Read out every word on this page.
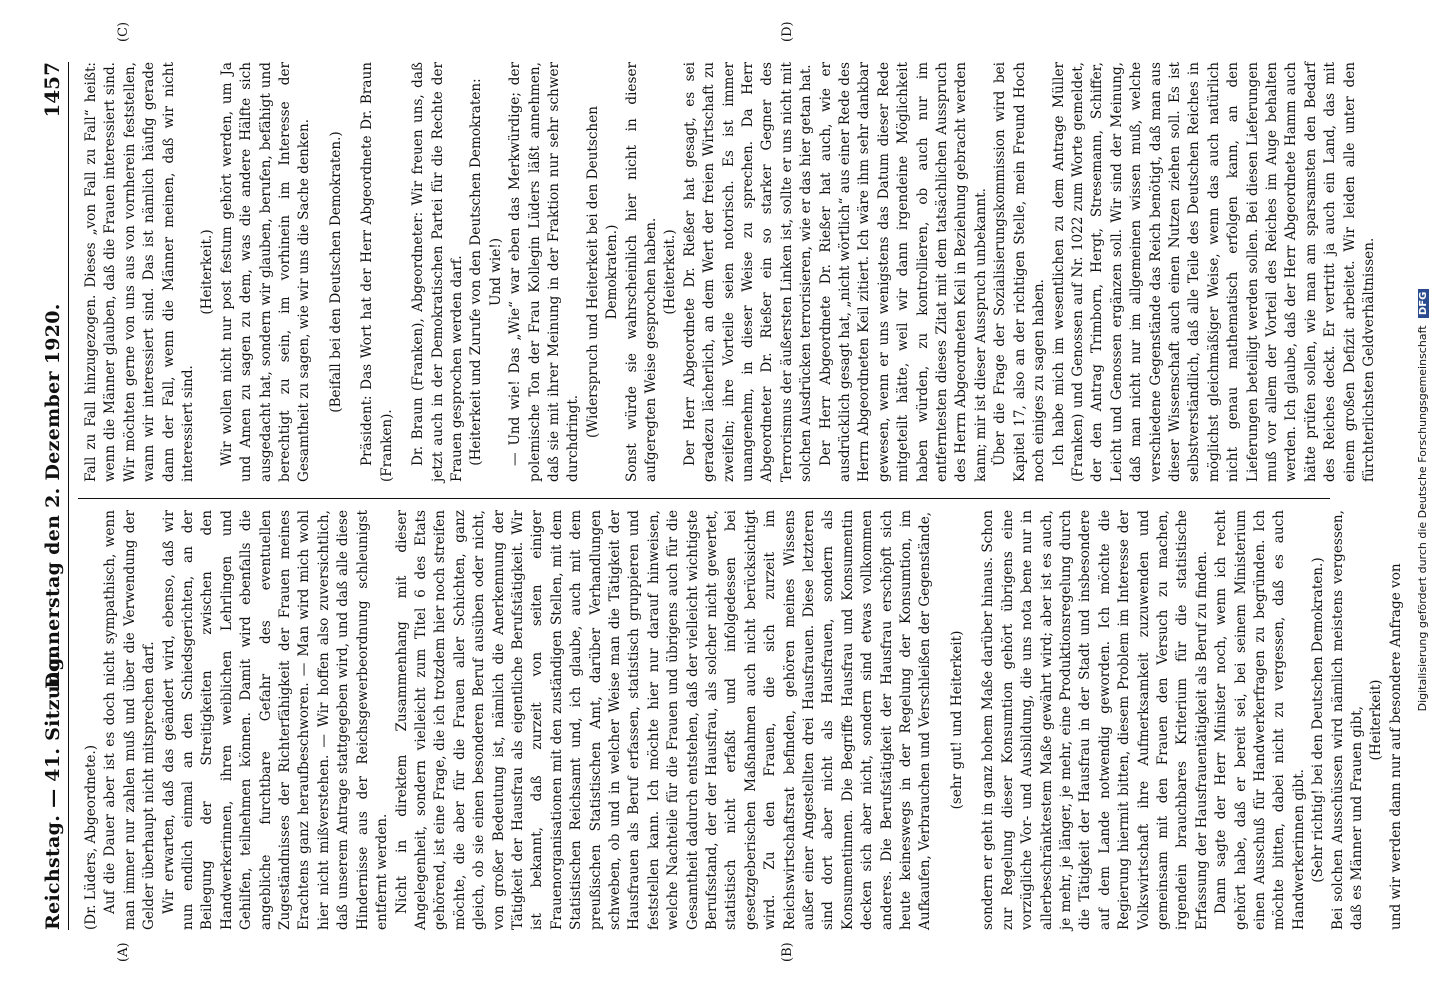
Reichstag. — 41. Sitzung.
Donnerstag den 2. Dezember 1920.
1457
(A)	(B)
(C)	(D)

(Dr. Lüders, Abgeordnete.) Auf die Dauer aber ist es doch nicht sympathisch, wenn man immer nur zahlen muß und über die Verwendung der Gelder überhaupt nicht mitsprechen darf. Wir erwarten, daß das geändert wird, ebenso, daß wir nun endlich einmal an den Schiedsgerichten, an der Beilegung der Streitigkeiten zwischen den Handwerkerinnen, ihren weiblichen Lehrlingen und Gehilfen, teilnehmen können. Damit wird ebenfalls die angebliche furchtbare Gefahr des eventuellen Zugeständnisses der Richterfähigkeit der Frauen meines Erachtens ganz heraufbeschworen. — Man wird mich wohl hier nicht mißverstehen. — Wir hoffen also zuversichtlich, daß unserem Antrage stattgegeben wird, und daß alle diese Hindernisse aus der Reichsgewerbeordnung schleunigst entfernt werden. Nicht in direktem Zusammenhang mit dieser Angelegenheit, sondern vielleicht zum Titel 6 des Etats gehörend, ist eine Frage, die ich trotzdem hier noch streifen möchte, die aber für die Frauen aller Schichten, ganz gleich, ob sie einen besonderen Beruf ausüben oder nicht, von großer Bedeutung ist, nämlich die Anerkennung der Tätigkeit der Hausfrau als eigentliche Berufstätigkeit. Wir ist bekannt, daß zurzeit von seiten einiger Frauenorganisationen mit den zuständigen Stellen, mit dem Statistischen Reichsamt und, ich glaube, auch mit dem preußischen Statistischen Amt, darüber Verhandlungen schweben, ob und in welcher Weise man die Tätigkeit der Hausfrauen als Beruf erfassen, statistisch gruppieren und feststellen kann. Ich möchte hier nur darauf hinweisen, welche Nachteile für die Frauen und übrigens auch für die Gesamtheit dadurch entstehen, daß der vielleicht wichtigste Berufsstand, der der Hausfrau, als solcher nicht gewertet, statistisch nicht erfaßt und infolgedessen bei gesetzgeberischen Maßnahmen auch nicht berücksichtigt wird. Zu den Frauen, die sich zurzeit im Reichswirtschaftsrat befinden, gehören meines Wissens außer einer Angestellten drei Hausfrauen. Diese letzteren sind dort aber nicht als Hausfrauen, sondern als Konsumentinnen. Die Begriffe Hausfrau und Konsumentin decken sich aber nicht, sondern sind etwas vollkommen anderes. Die Berufstätigkeit der Hausfrau erschöpft sich heute keineswegs in der Regelung der Konsumtion, im Aufkaufen, Verbrauchen und Verschleißen der Gegenstände, (sehr gut! und Heiterkeit) sondern er geht in ganz hohem Maße darüber hinaus. Schon zur Regelung dieser Konsumtion gehört übrigens eine vorzügliche Vor- und Ausbildung, die uns nota bene nur in allerbeschränktestem Maße gewährt wird; aber ist es auch, je mehr, je länger, je mehr, eine Produktionsregelung durch die Tätigkeit der Hausfrau in der Stadt und insbesondere auf dem Lande notwendig geworden. Ich möchte die Regierung hiermit bitten, diesem Problem im Interesse der Volkswirtschaft ihre Aufmerksamkeit zuzuwenden und gemeinsam mit den Frauen den Versuch zu machen, irgendein brauchbares Kriterium für die statistische Erfassung der Hausfrauentätigkeit als Beruf zu finden. Dann sagte der Herr Minister noch, wenn ich recht gehört habe, daß er bereit sei, bei seinem Ministerium einen Ausschuß für Handwerkerfragen zu begründen. Ich möchte bitten, dabei nicht zu vergessen, daß es auch Handwerkerinnen gibt. (Sehr richtig! bei den Deutschen Demokraten.) Bei solchen Ausschüssen wird nämlich meistens vergessen, daß es Männer und Frauen gibt, (Heiterkeit) und wir werden dann nur auf besondere Anfrage von

Fall zu Fall hinzugezogen. Dieses „von Fall zu Fall“ heißt: wenn die Männer glauben, daß die Frauen interessiert sind. Wir möchten gerne von uns aus von vornherein feststellen, wann wir interessiert sind. Das ist nämlich häufig gerade dann der Fall, wenn die Männer meinen, daß wir nicht interessiert sind.

(Heiterkeit.) Wir wollen nicht nur post festum gehört werden, um Ja und Amen zu sagen zu dem, was die andere Hälfte sich ausgedacht hat, sondern wir glauben, berufen, befähigt und berechtigt zu sein, im vorhinein im Interesse der Gesamtheit zu sagen, wie wir uns die Sache denken. (Beifall bei den Deutschen Demokraten.) Präsident: Das Wort hat der Herr Abgeordnete Dr. Braun (Franken). Dr. Braun (Franken), Abgeordneter: Wir freuen uns, daß jetzt auch in der Demokratischen Partei für die Rechte der Frauen gesprochen werden darf. (Heiterkeit und Zurufe von den Deutschen Demokraten: Und wie!) — Und wie! Das „Wie“ war eben das Merkwürdige; der polemische Ton der Frau Kollegin Lüders läßt annehmen, daß sie mit ihrer Meinung in der Fraktion nur sehr schwer durchdringt.

(Widerspruch und Heiterkeit bei den Deutschen Demokraten.) Sonst würde sie wahrscheinlich hier nicht in dieser aufgeregten Weise gesprochen haben. (Heiterkeit.) Der Herr Abgeordnete Dr. Rießer hat gesagt, es sei geradezu lächerlich, an dem Wert der freien Wirtschaft zu zweifeln; ihre Vorteile seien notorisch. Es ist immer unangenehm, in dieser Weise zu sprechen. Da Herr Abgeordneter Dr. Rießer ein so starker Gegner des Terrorismus der äußersten Linken ist, sollte er uns nicht mit solchen Ausdrücken terrorisieren, wie er das hier getan hat. Der Herr Abgeordnete Dr. Rießer hat auch, wie er ausdrücklich gesagt hat, „nicht wörtlich“ aus einer Rede des Herrn Abgeordneten Keil zitiert. Ich wäre ihm sehr dankbar gewesen, wenn er uns wenigstens das Datum dieser Rede mitgeteilt hätte, weil wir dann irgendeine Möglichkeit haben würden, zu kontrollieren, ob auch nur im entferntesten dieses Zitat mit dem tatsächlichen Ausspruch des Herrn Abgeordneten Keil in Beziehung gebracht werden kann; mir ist dieser Ausspruch unbekannt. Über die Frage der Sozialisierungskommission wird bei Kapitel 17, also an der richtigen Stelle, mein Freund Hoch noch einiges zu sagen haben. Ich habe mich im wesentlichen zu dem Antrage Müller (Franken) und Genossen auf Nr. 1022 zum Worte gemeldet, der den Antrag Trimborn, Hergt, Stresemann, Schiffer, Leicht und Genossen ergänzen soll. Wir sind der Meinung, daß man nicht nur im allgemeinen wissen muß, welche verschiedene Gegenstände das Reich benötigt, daß man aus dieser Wissenschaft auch einen Nutzen ziehen soll. Es ist selbstverständlich, daß alle Teile des Deutschen Reiches in möglichst gleichmäßiger Weise, wenn das auch natürlich nicht genau mathematisch erfolgen kann, an den Lieferungen beteiligt werden sollen. Bei diesen Lieferungen muß vor allem der Vorteil des Reiches im Auge behalten werden. Ich glaube, daß der Herr Abgeordnete Hamm auch hätte prüfen sollen, wie man am sparsamsten den Bedarf des Reiches deckt. Er vertritt ja auch ein Land, das mit einem großen Defizit arbeitet. Wir leiden alle unter den fürchterlichsten Geldverhältnissen.	Digitalisierung gefördert durch die Deutsche Forschungsgemeinschaft DFG
